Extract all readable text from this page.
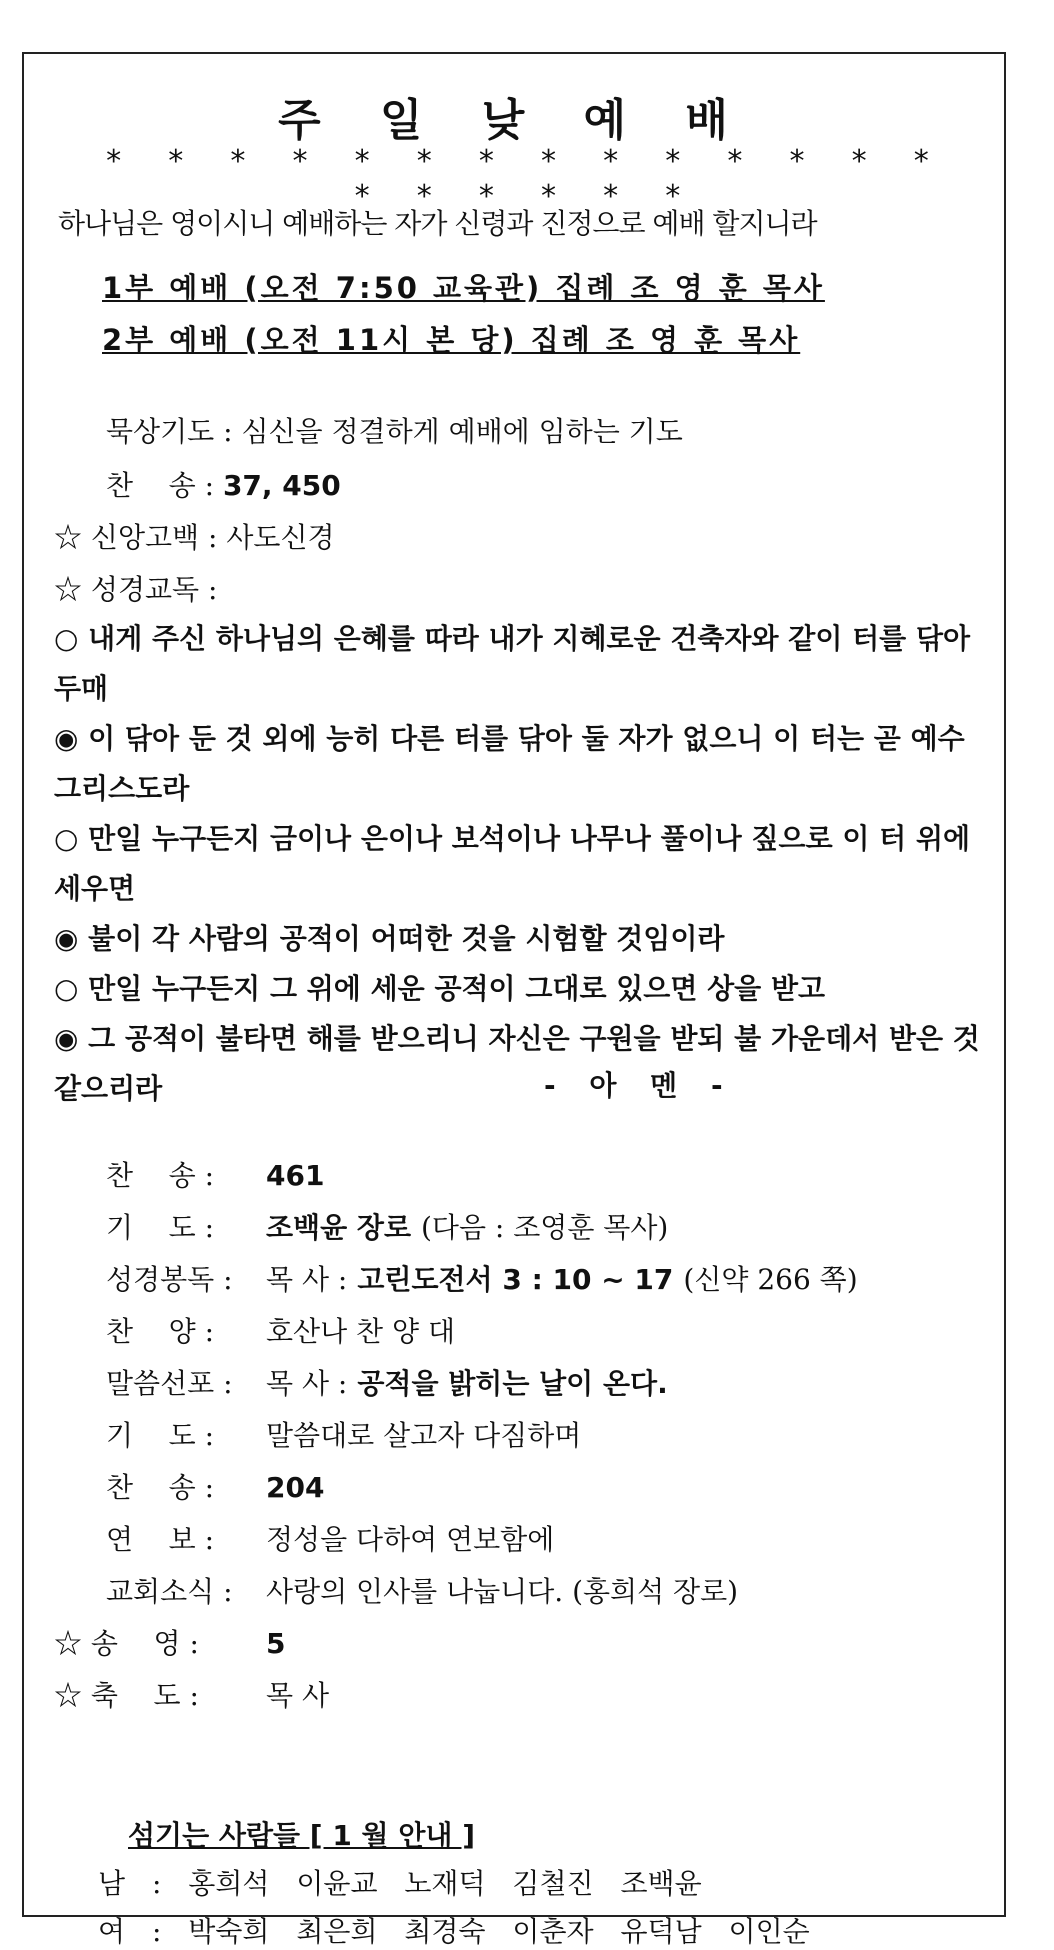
주 일 낮 예 배
* * * * * * * * * * * * * * * * * * * *
하나님은 영이시니 예배하는 자가 신령과 진정으로 예배 할지니라
1부 예배 (오전 7:50 교육관) 집례 조 영 훈 목사
2부 예배 (오전 11시 본 당) 집례 조 영 훈 목사
묵상기도 : 심신을 정결하게 예배에 임하는 기도
찬    송 : 37, 450
☆ 신앙고백 : 사도신경
☆ 성경교독 :
○ 내게 주신 하나님의 은혜를 따라 내가 지혜로운 건축자와 같이 터를 닦아 두매
◉ 이 닦아 둔 것 외에 능히 다른 터를 닦아 둘 자가 없으니 이 터는 곧 예수 그리스도라
○ 만일 누구든지 금이나 은이나 보석이나 나무나 풀이나 짚으로 이 터 위에 세우면
◉ 불이 각 사람의 공적이 어떠한 것을 시험할 것임이라
○ 만일 누구든지 그 위에 세운 공적이 그대로 있으면 상을 받고
◉ 그 공적이 불타면 해를 받으리니 자신은 구원을 받되 불 가운데서 받은 것 같으리라	- 아 멘 -
찬    송 : 461
기    도 : 조백윤 장로 (다음 : 조영훈 목사)
성경봉독 : 목 사 : 고린도전서 3 : 10 ~ 17 (신약 266 쪽)
찬    양 : 호산나 찬 양 대
말씀선포 : 목 사 : 공적을 밝히는 날이 온다.
기    도 : 말씀대로 살고자 다짐하며
찬    송 : 204
연    보 : 정성을 다하여 연보함에
교회소식 : 사랑의 인사를 나눕니다. (홍희석 장로)
☆ 송    영 : 5
☆ 축    도 : 목 사
섬기는 사람들 [ 1 월 안내 ]
남 : 홍희석 이윤교 노재덕 김철진 조백윤
여 : 박숙희 최은희 최경숙 이춘자 유덕남 이인순
